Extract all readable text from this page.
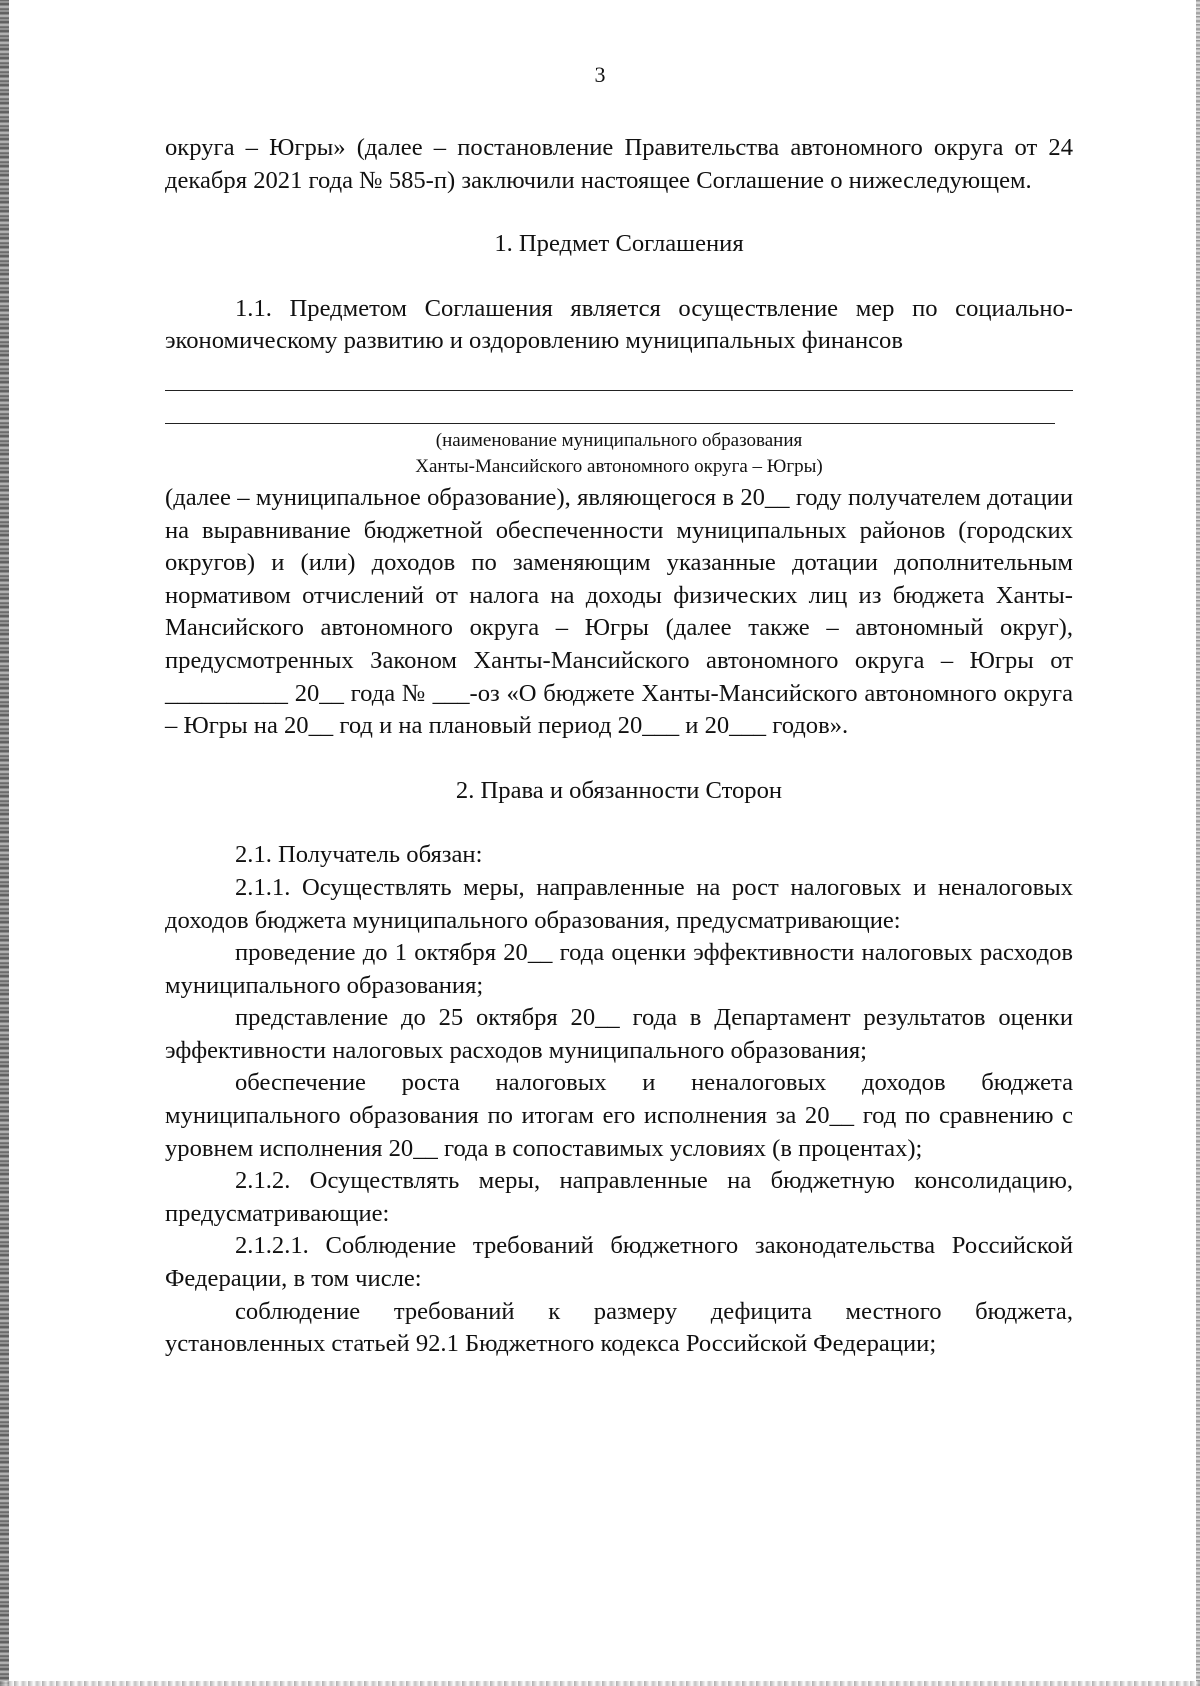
3

округа – Югры» (далее – постановление Правительства автономного округа от 24 декабря 2021 года № 585-п) заключили настоящее Соглашение о нижеследующем.

1. Предмет Соглашения

1.1. Предметом Соглашения является осуществление мер по социально-экономическому развитию и оздоровлению муниципальных финансов

(наименование муниципального образования
Ханты-Мансийского автономного округа – Югры)

(далее – муниципальное образование), являющегося в 20__ году получателем дотации на выравнивание бюджетной обеспеченности муниципальных районов (городских округов) и (или) доходов по заменяющим указанные дотации дополнительным нормативом отчислений от налога на доходы физических лиц из бюджета Ханты-Мансийского автономного округа – Югры (далее также – автономный округ), предусмотренных Законом Ханты-Мансийского автономного округа – Югры от __________ 20__ года № ___-оз «О бюджете Ханты-Мансийского автономного округа – Югры на 20__ год и на плановый период 20___ и 20___ годов».

2. Права и обязанности Сторон

2.1. Получатель обязан:

2.1.1. Осуществлять меры, направленные на рост налоговых и неналоговых доходов бюджета муниципального образования, предусматривающие:

проведение до 1 октября 20__ года оценки эффективности налоговых расходов муниципального образования;

представление до 25 октября 20__ года в Департамент результатов оценки эффективности налоговых расходов муниципального образования;

обеспечение роста налоговых и неналоговых доходов бюджета муниципального образования по итогам его исполнения за 20__ год по сравнению с уровнем исполнения 20__ года в сопоставимых условиях (в процентах);

2.1.2. Осуществлять меры, направленные на бюджетную консолидацию, предусматривающие:

2.1.2.1. Соблюдение требований бюджетного законодательства Российской Федерации, в том числе:

соблюдение требований к размеру дефицита местного бюджета, установленных статьей 92.1 Бюджетного кодекса Российской Федерации;
